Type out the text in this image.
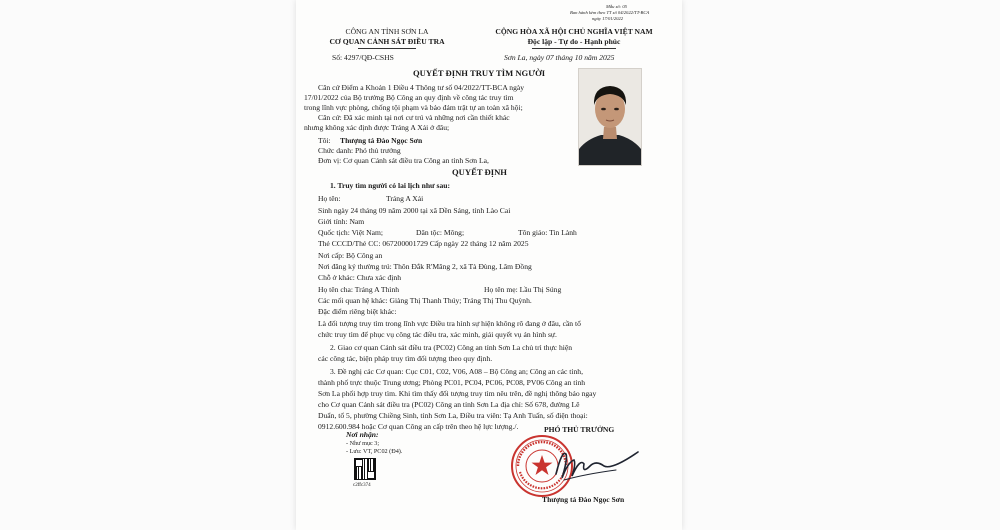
Mẫu số: 05
Ban hành kèm theo TT số 04/2022/TT-BCA
ngày 17/01/2022
CÔNG AN TỈNH SƠN LA
CƠ QUAN CẢNH SÁT ĐIỀU TRA
Số: 4297/QĐ-CSHS
CỘNG HÒA XÃ HỘI CHỦ NGHĨA VIỆT NAM
Độc lập - Tự do - Hạnh phúc
Sơn La, ngày 07 tháng 10 năm 2025
QUYẾT ĐỊNH TRUY TÌM NGƯỜI
Căn cứ Điểm a Khoản 1 Điều 4 Thông tư số 04/2022/TT-BCA ngày
17/01/2022 của Bộ trưởng Bộ Công an quy định về công tác truy tìm
trong lĩnh vực phòng, chống tội phạm và bảo đảm trật tự an toàn xã hội;
Căn cứ: Đã xác minh tại nơi cư trú và những nơi cần thiết khác
nhưng không xác định được Tráng A Xải ở đâu;
Tôi: Thượng tá Đào Ngọc Sơn
Chức danh: Phó thủ trưởng
Đơn vị: Cơ quan Cảnh sát điều tra Công an tỉnh Sơn La,
QUYẾT ĐỊNH
1. Truy tìm người có lai lịch như sau:
Họ tên:	Tráng A Xải
Sinh ngày 24 tháng 09 năm 2000 tại xã Dền Sáng, tỉnh Lào Cai
Giới tính: Nam
Quốc tịch: Việt Nam;	Dân tộc: Mông;	Tôn giáo: Tin Lành
Thẻ CCCD/Thẻ CC: 067200001729 Cấp ngày 22 tháng 12 năm 2025
Nơi cấp: Bộ Công an
Nơi đăng ký thường trú: Thôn Đắk R'Măng 2, xã Tà Đùng, Lâm Đồng
Chỗ ở khác: Chưa xác định
Họ tên cha: Tráng A Thình	Họ tên mẹ: Lầu Thị Súng
Các mối quan hệ khác: Giàng Thị Thanh Thúy; Tráng Thị Thu Quỳnh.
Đặc điểm riêng biệt khác:
Là đối tượng truy tìm trong lĩnh vực Điều tra hình sự hiện không rõ đang ở đâu, cần tổ
chức truy tìm để phục vụ công tác điều tra, xác minh, giải quyết vụ án hình sự.
2. Giao cơ quan Cảnh sát điều tra (PC02) Công an tỉnh Sơn La chủ trì thực hiện
các công tác, biện pháp truy tìm đối tượng theo quy định.
3. Đề nghị các Cơ quan: Cục C01, C02, V06, A08 – Bộ Công an; Công an các tỉnh,
thành phố trực thuộc Trung ương; Phòng PC01, PC04, PC06, PC08, PV06 Công an tỉnh
Sơn La phối hợp truy tìm. Khi tìm thấy đối tượng truy tìm nêu trên, đề nghị thông báo ngay
cho Cơ quan Cảnh sát điều tra (PC02) Công an tỉnh Sơn La địa chỉ: Số 678, đường Lê
Duẩn, tổ 5, phường Chiềng Sinh, tỉnh Sơn La, Điều tra viên: Tạ Anh Tuấn, số điện thoại:
0912.600.984 hoặc Cơ quan Công an cấp trên theo hệ lực lượng./.
Nơi nhận:
- Như mục 3;
- Lưu: VT, PC02 (Đ4).
c2ffc374
PHÓ THỦ TRƯỞNG
Thượng tá Đào Ngọc Sơn
